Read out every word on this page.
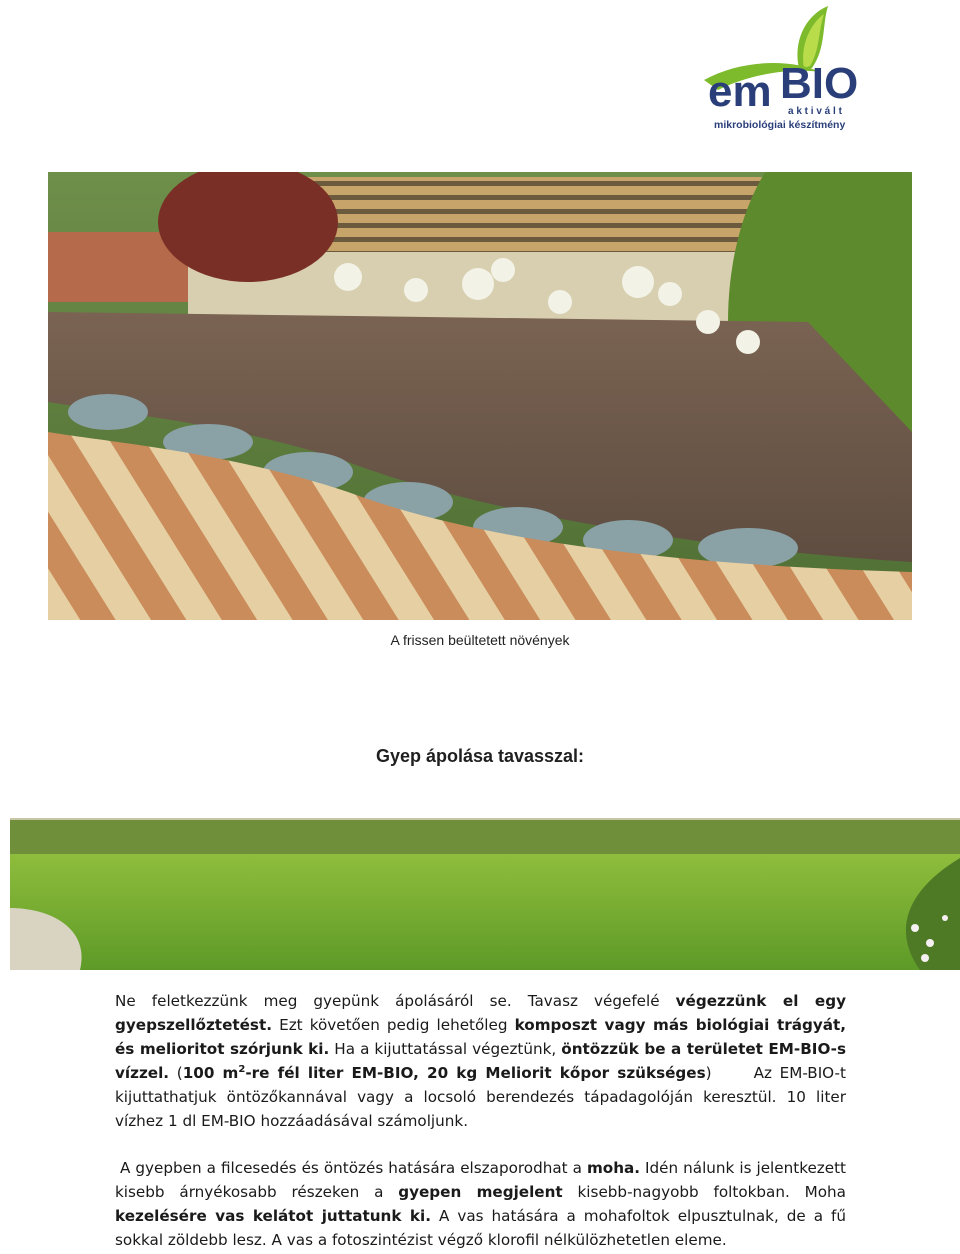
em BIO
a k t i v á l t
mikrobiológiai készítmény
A frissen beültetett növények
Gyep ápolása tavasszal:
Ne feletkezzünk meg gyepünk ápolásáról se. Tavasz végefelé végezzünk el egy gyepszellőztetést. Ezt követően pedig lehetőleg komposzt vagy más biológiai trágyát, és melioritot szórjunk ki. Ha a kijuttatással végeztünk, öntözzük be a területet EM-BIO-s vízzel. (100 $m^2-re$ fél liter EM-BIO, 20 kg Meliorit kőpor szükséges)	Az EM-BIO-t kijuttathatjuk öntözőkannával vagy a locsoló berendezés tápadagolóján keresztül. 10 liter vízhez 1 dl EM-BIO hozzáadásával számoljunk.
A gyepben a filcesedés és öntözés hatására elszaporodhat a moha. Idén nálunk is jelentkezett kisebb árnyékosabb részeken a gyepen megjelent kisebb-nagyobb foltokban. Moha kezelésére vas kelátot juttatunk ki. A vas hatására a mohafoltok elpusztulnak, de a fű sokkal zöldebb lesz. A vas a fotoszintézist végző klorofil nélkülözhetetlen eleme.
